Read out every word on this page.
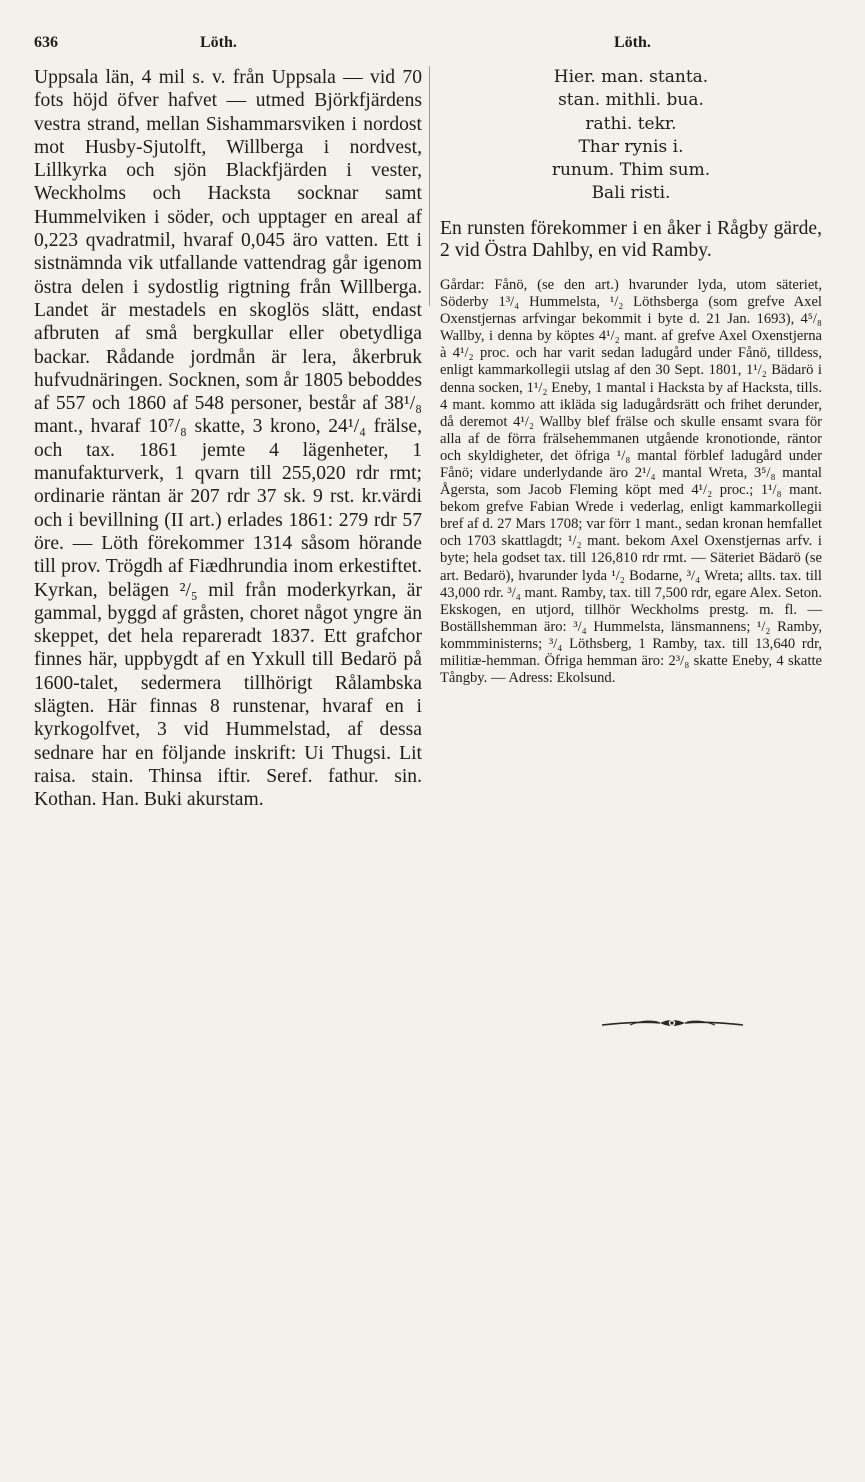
636	Löth.	Löth.

Uppsala län, 4 mil s. v. från Uppsala — vid 70 fots höjd öfver hafvet — utmed Björkfjärdens vestra strand, mellan Sishammarsviken i nordost mot Husby-Sjutolft, Willberga i nordvest, Lillkyrka och sjön Blackfjärden i vester, Weckholms och Hacksta socknar samt Hummelviken i söder, och upptager en areal af 0,223 qvadratmil, hvaraf 0,045 äro vatten. Ett i sistnämnda vik utfallande vattendrag går igenom östra delen i sydostlig rigtning från Willberga. Landet är mestadels en skoglös slätt, endast afbruten af små bergkullar eller obetydliga backar. Rådande jordmån är lera, åkerbruk hufvudnäringen. Socknen, som år 1805 beboddes af 557 och 1860 af 548 personer, består af 38¹/₈ mant., hvaraf 10⁷/₈ skatte, 3 krono, 24¹/₄ frälse, och tax. 1861 jemte 4 lägenheter, 1 manufakturverk, 1 qvarn till 255,020 rdr rmt; ordinarie räntan är 207 rdr 37 sk. 9 rst. kr.värdi och i bevillning (II art.) erlades 1861: 279 rdr 57 öre. — Löth förekommer 1314 såsom hörande till prov. Trögdh af Fiædhrundia inom erkestiftet. Kyrkan, belägen ²/₅ mil från moderkyrkan, är gammal, byggd af gråsten, choret något yngre än skeppet, det hela repareradt 1837. Ett grafchor finnes här, uppbygdt af en Yxkull till Bedarö på 1600-talet, sedermera tillhörigt Rålambska slägten. Här finnas 8 runstenar, hvaraf en i kyrkogolfvet, 3 vid Hummelstad, af dessa sednare har en följande inskrift: Ui Thugsi. Lit raisa. stain. Thinsa iftir. Seref. fathur. sin. Kothan. Han. Buki akurstam.

Hier. man. stanta.

stan. mithli. bua.

rathi. tekr.

Thar rynis i.

runum. Thim sum.

Bali risti.

En runsten förekommer i en åker i Rågby gärde, 2 vid Östra Dahlby, en vid Ramby.

Gårdar: Fånö, (se den art.) hvarunder lyda, utom säteriet, Söderby 1³/₄ Hummelsta, ¹/₂ Löthsberga (som grefve Axel Oxenstjernas arfvingar bekommit i byte d. 21 Jan. 1693), 4⁵/₈ Wallby, i denna by köptes 4¹/₂ mant. af grefve Axel Oxenstjerna à 4¹/₂ proc. och har varit sedan ladugård under Fånö, tilldess, enligt kammarkollegii utslag af den 30 Sept. 1801, 1¹/₂ Bädarö i denna socken, 1¹/₂ Eneby, 1 mantal i Hacksta by af Hacksta, tills. 4 mant. kommo att ikläda sig ladugårdsrätt och frihet derunder, då deremot 4¹/₂ Wallby blef frälse och skulle ensamt svara för alla af de förra frälsehemmanen utgående kronotionde, räntor och skyldigheter, det öfriga ¹/₈ mantal förblef ladugård under Fånö; vidare underlydande äro 2¹/₄ mantal Wreta, 3⁵/₈ mantal Ågersta, som Jacob Fleming köpt med 4¹/₂ proc.; 1¹/₈ mant. bekom grefve Fabian Wrede i vederlag, enligt kammarkollegii bref af d. 27 Mars 1708; var förr 1 mant., sedan kronan hemfallet och 1703 skattlagdt; ¹/₂ mant. bekom Axel Oxenstjernas arfv. i byte; hela godset tax. till 126,810 rdr rmt. — Säteriet Bädarö (se art. Bedarö), hvarunder lyda ¹/₂ Bodarne, ³/₄ Wreta; allts. tax. till 43,000 rdr. ³/₄ mant. Ramby, tax. till 7,500 rdr, egare Alex. Seton. Ekskogen, en utjord, tillhör Weckholms prestg. m. fl. — Boställshemman äro: ³/₄ Hummelsta, länsmannens; ¹/₂ Ramby, kommministerns; ³/₄ Löthsberg, 1 Ramby, tax. till 13,640 rdr, militiæ-hemman. Öfriga hemman äro: 2³/₈ skatte Eneby, 4 skatte Tångby. — Adress: Ekolsund.
